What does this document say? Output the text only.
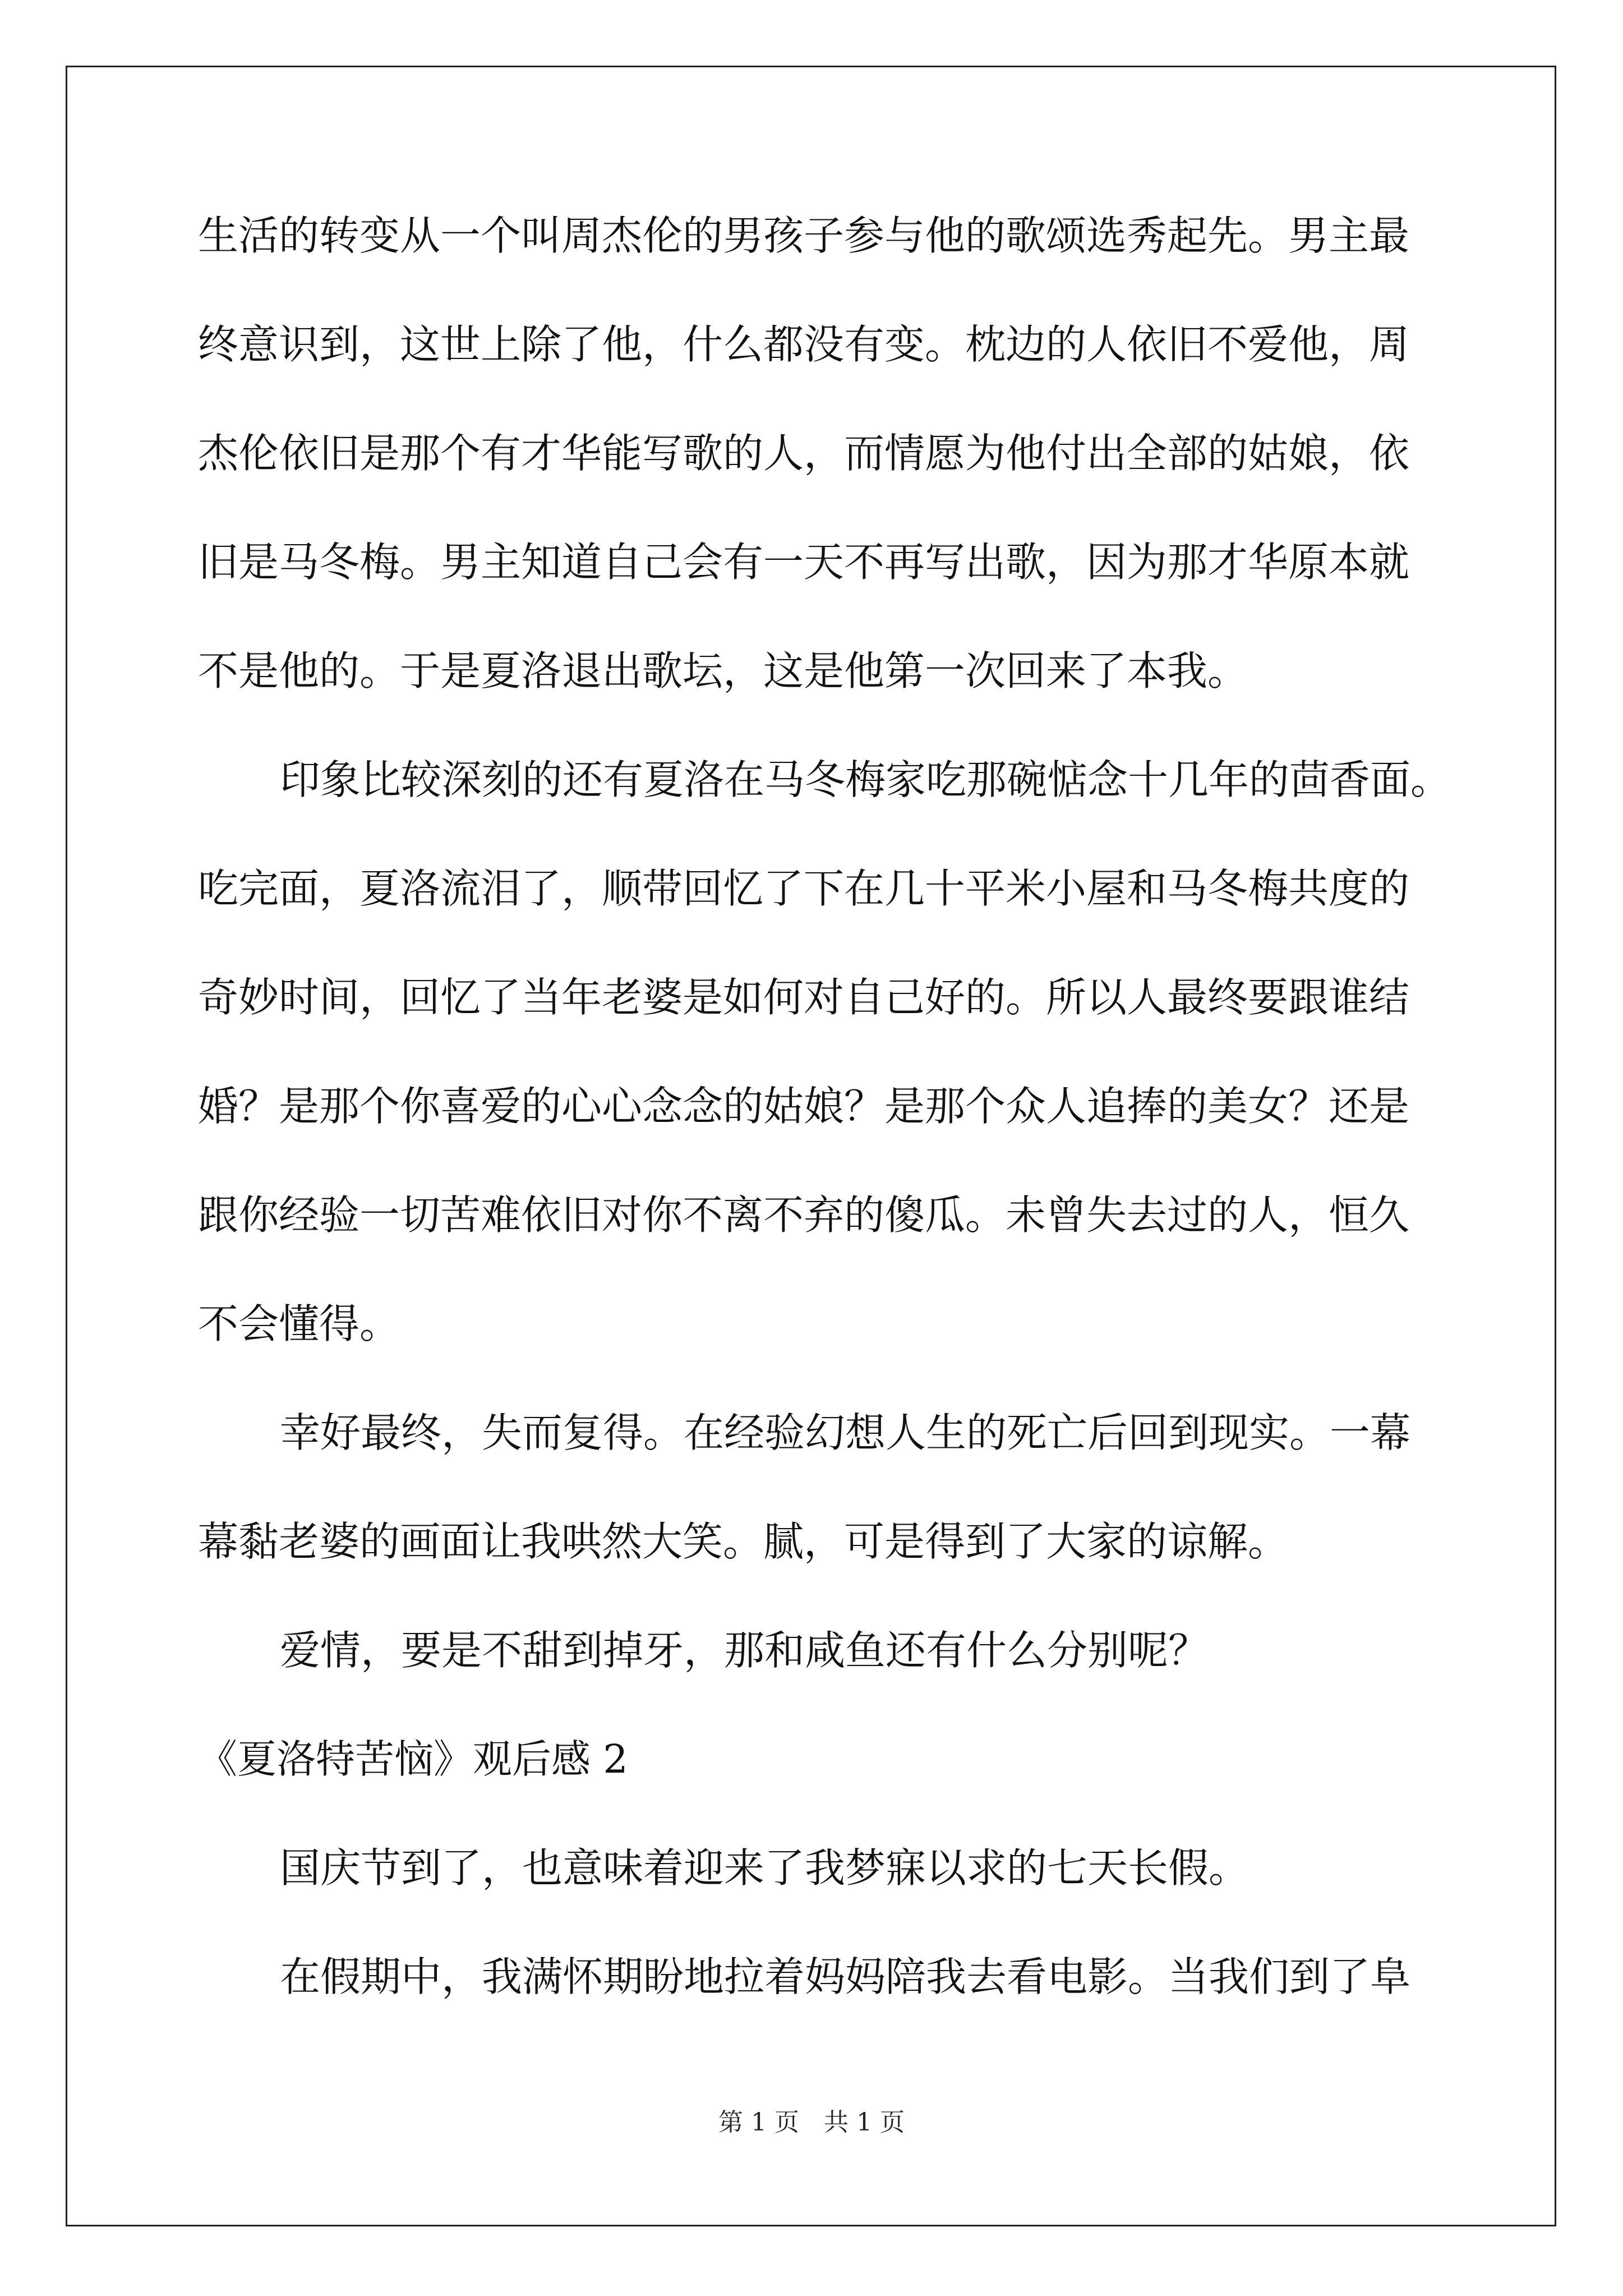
生活的转变从一个叫周杰伦的男孩子参与他的歌颂选秀起先。男主最
终意识到，这世上除了他，什么都没有变。枕边的人依旧不爱他，周
杰伦依旧是那个有才华能写歌的人，而情愿为他付出全部的姑娘，依
旧是马冬梅。男主知道自己会有一天不再写出歌，因为那才华原本就
不是他的。于是夏洛退出歌坛，这是他第一次回来了本我。
印象比较深刻的还有夏洛在马冬梅家吃那碗惦念十几年的茴香面。
吃完面，夏洛流泪了，顺带回忆了下在几十平米小屋和马冬梅共度的
奇妙时间，回忆了当年老婆是如何对自己好的。所以人最终要跟谁结
婚？是那个你喜爱的心心念念的姑娘？是那个众人追捧的美女？还是
跟你经验一切苦难依旧对你不离不弃的傻瓜。未曾失去过的人，恒久
不会懂得。
幸好最终，失而复得。在经验幻想人生的死亡后回到现实。一幕
幕黏老婆的画面让我哄然大笑。腻，可是得到了大家的谅解。
爱情，要是不甜到掉牙，那和咸鱼还有什么分别呢？
《夏洛特苦恼》观后感 2
国庆节到了，也意味着迎来了我梦寐以求的七天长假。
在假期中，我满怀期盼地拉着妈妈陪我去看电影。当我们到了阜
第 1 页　共 1 页
